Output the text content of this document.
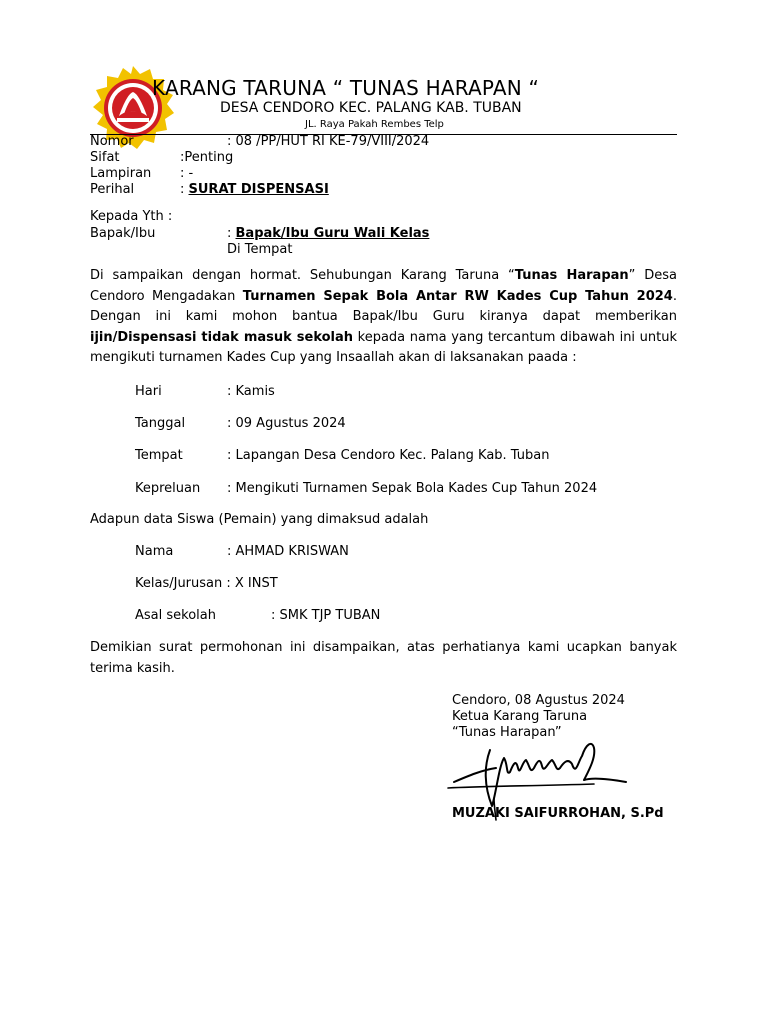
KARANG TARUNA “ TUNAS HARAPAN “
DESA CENDORO KEC. PALANG KAB. TUBAN
JL. Raya Pakah Rembes Telp
Nomor	: 08 /PP/HUT RI KE-79/VIII/2024
Sifat	:Penting
Lampiran : -
Perihal	: SURAT DISPENSASI
Kepada Yth :
Bapak/Ibu	: Bapak/Ibu Guru Wali Kelas
Di Tempat
Di sampaikan dengan hormat. Sehubungan Karang Taruna “Tunas Harapan” Desa Cendoro Mengadakan Turnamen Sepak Bola Antar RW Kades Cup Tahun 2024. Dengan ini kami mohon bantua Bapak/Ibu Guru kiranya dapat memberikan ijin/Dispensasi tidak masuk sekolah kepada nama yang tercantum dibawah ini untuk mengikuti turnamen Kades Cup yang Insaallah akan di laksanakan paada :
Hari	: Kamis
Tanggal	: 09 Agustus 2024
Tempat	: Lapangan Desa Cendoro Kec. Palang Kab. Tuban
Kepreluan : Mengikuti Turnamen Sepak Bola Kades Cup Tahun 2024
Adapun data Siswa (Pemain) yang dimaksud adalah
Nama	: AHMAD KRISWAN
Kelas/Jurusan : X INST
Asal sekolah	: SMK TJP TUBAN
Demikian surat permohonan ini disampaikan, atas perhatianya kami ucapkan banyak terima kasih.
Cendoro, 08 Agustus 2024
Ketua Karang Taruna
“Tunas Harapan”
MUZAKI SAIFURROHAN, S.Pd
